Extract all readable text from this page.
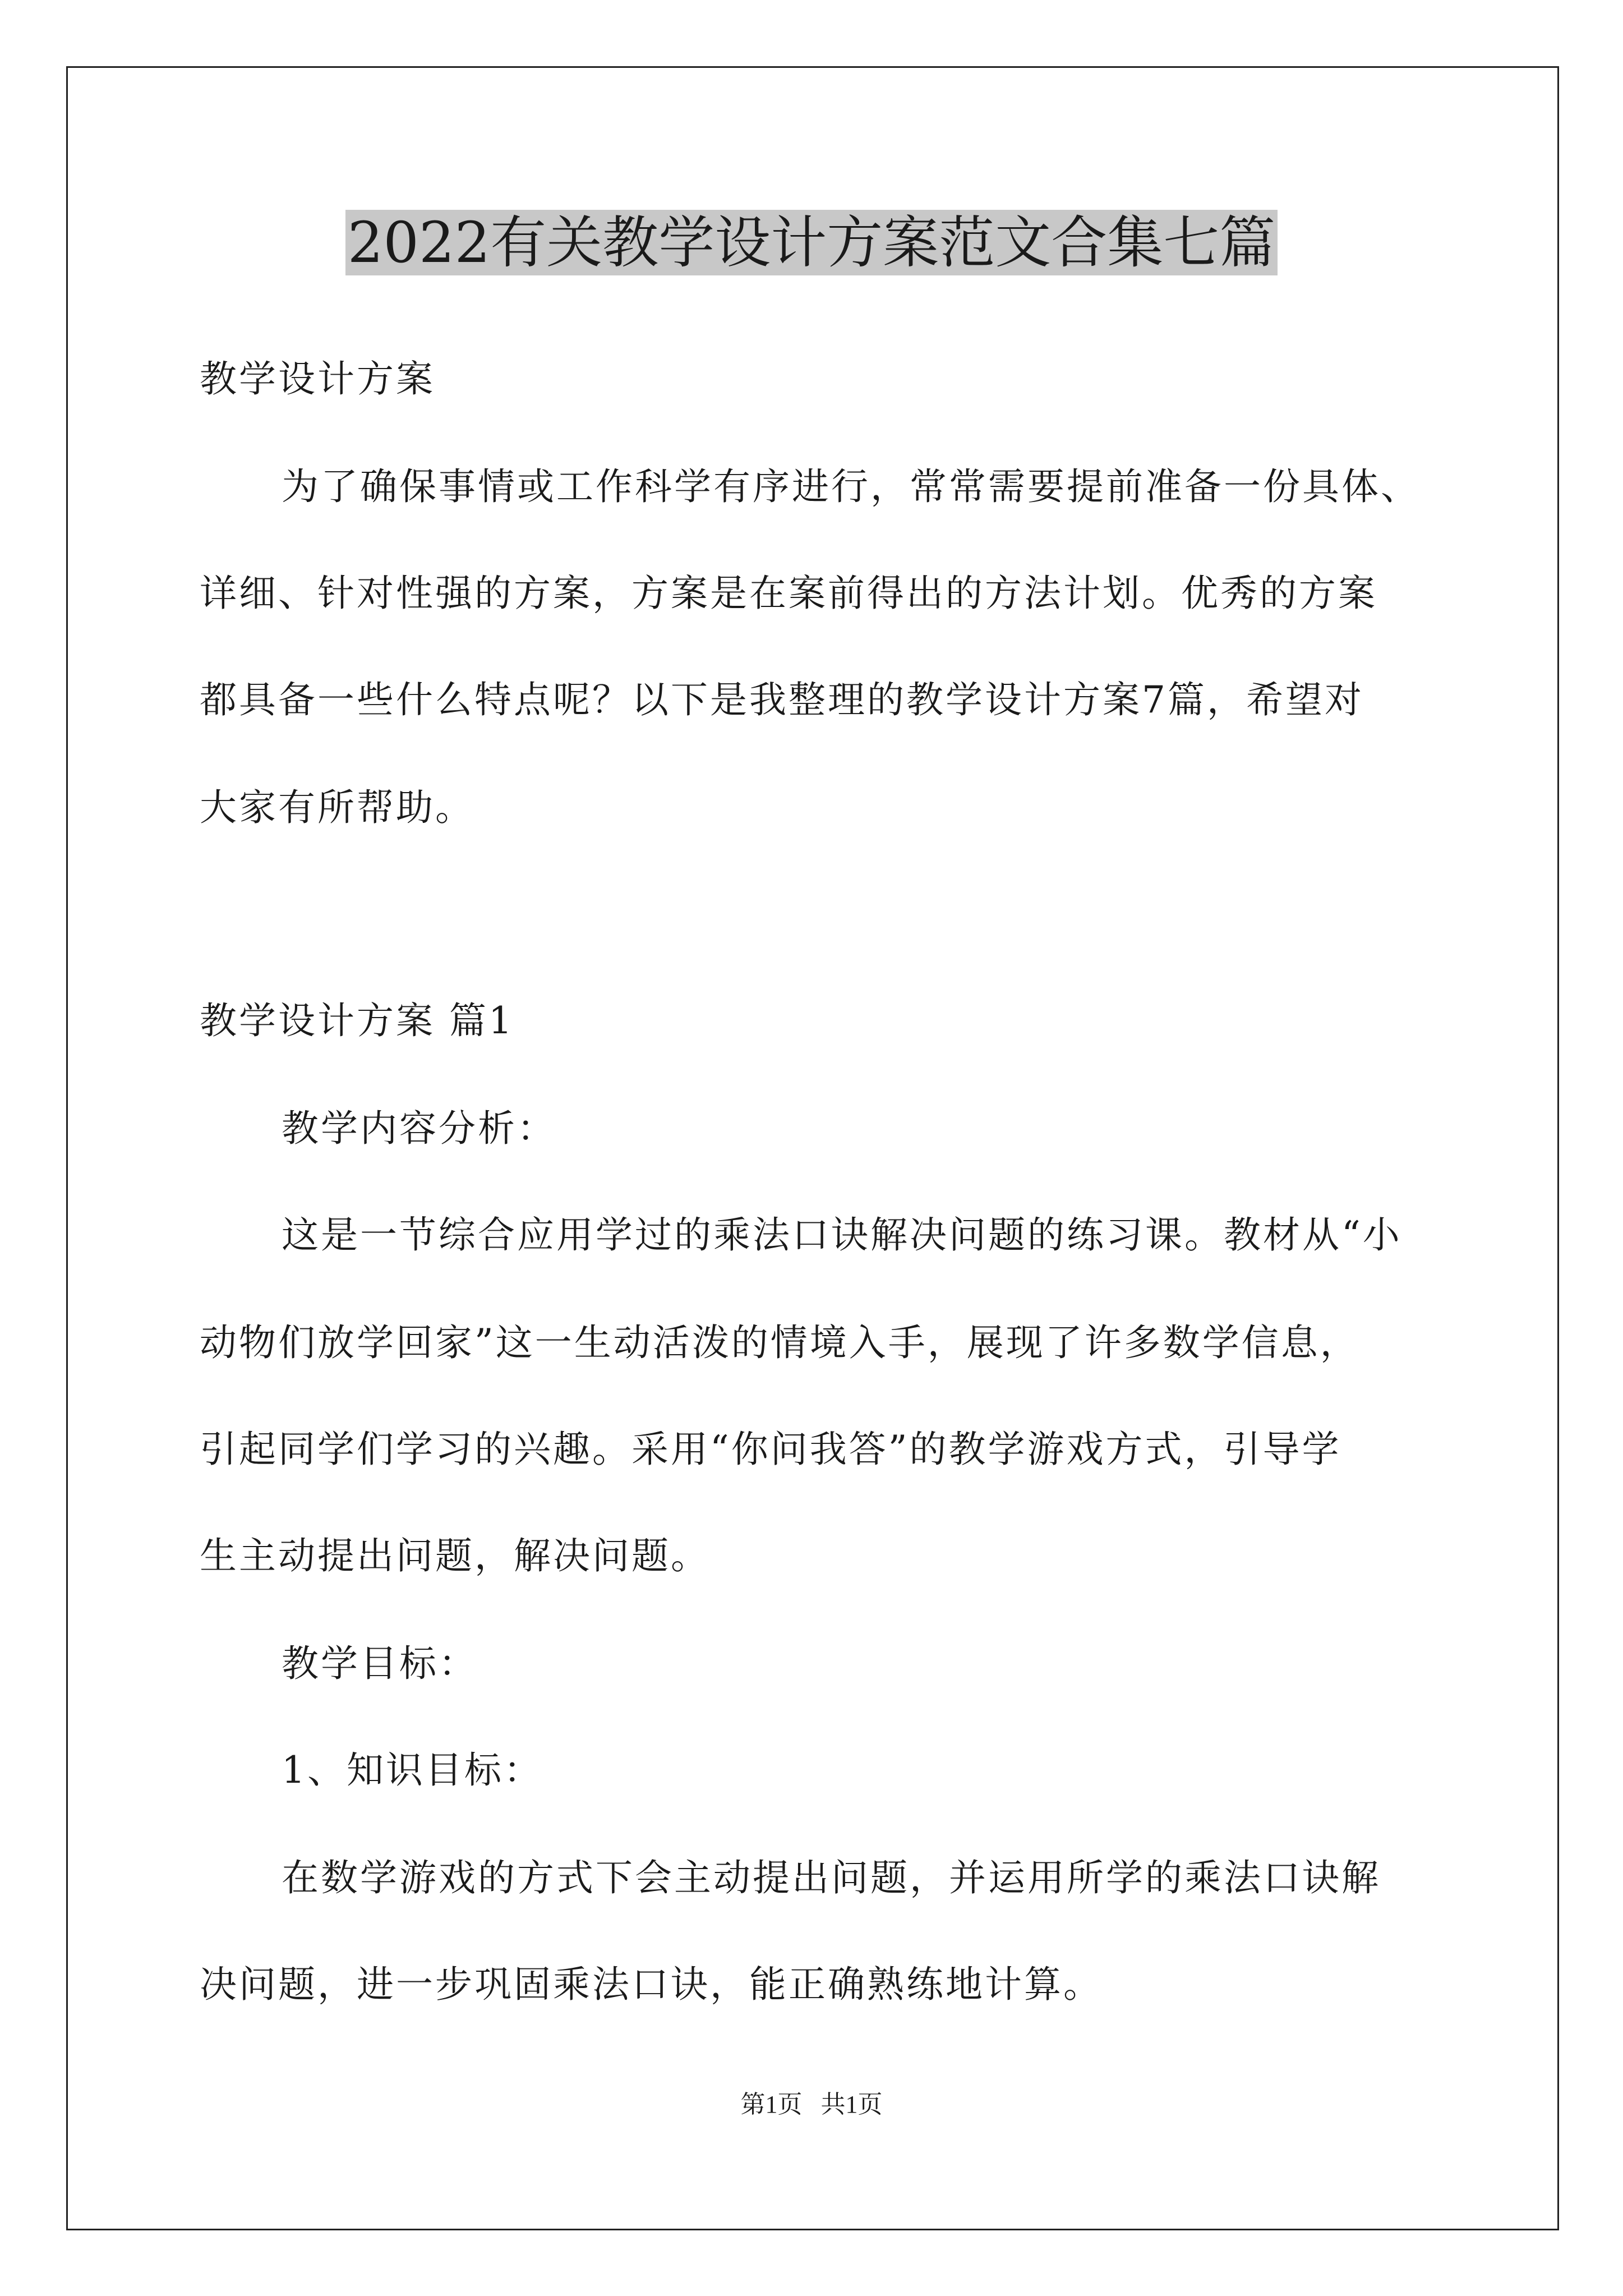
2022有关教学设计方案范文合集七篇
教学设计方案
为了确保事情或工作科学有序进行，常常需要提前准备一份具体、
详细、针对性强的方案，方案是在案前得出的方法计划。优秀的方案
都具备一些什么特点呢？以下是我整理的教学设计方案7篇，希望对
大家有所帮助。
教学设计方案 篇1
教学内容分析：
这是一节综合应用学过的乘法口诀解决问题的练习课。教材从“小
动物们放学回家”这一生动活泼的情境入手，展现了许多数学信息，
引起同学们学习的兴趣。采用“你问我答”的教学游戏方式，引导学
生主动提出问题，解决问题。
教学目标：
1、知识目标：
在数学游戏的方式下会主动提出问题，并运用所学的乘法口诀解
决问题，进一步巩固乘法口诀，能正确熟练地计算。
第1页   共1页
